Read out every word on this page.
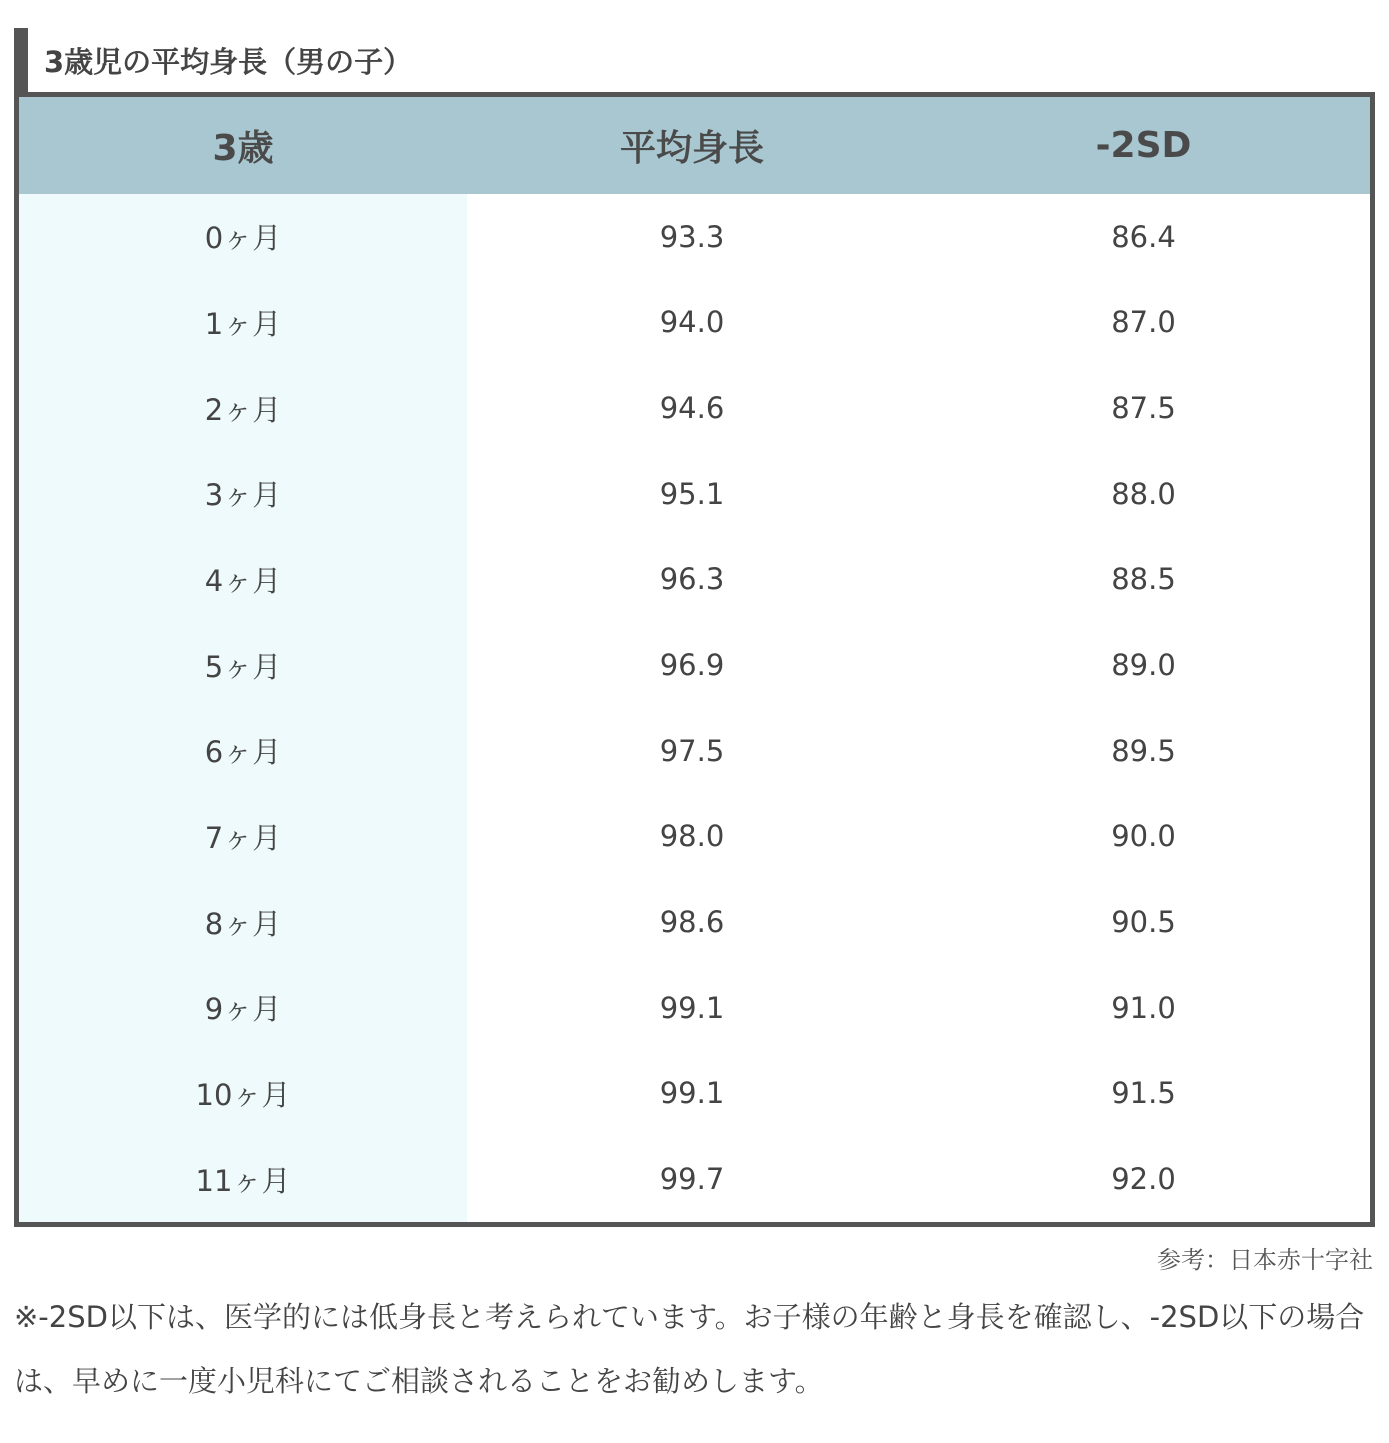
3歳児の平均身長（男の子）
3歳	平均身長	-2SD
0ヶ月	93.3	86.4
1ヶ月	94.0	87.0
2ヶ月	94.6	87.5
3ヶ月	95.1	88.0
4ヶ月	96.3	88.5
5ヶ月	96.9	89.0
6ヶ月	97.5	89.5
7ヶ月	98.0	90.0
8ヶ月	98.6	90.5
9ヶ月	99.1	91.0
10ヶ月	99.1	91.5
11ヶ月	99.7	92.0
参考：日本赤十字社
※-2SD以下は、医学的には低身長と考えられています。お子様の年齢と身長を確認し、-2SD以下の場合は、早めに一度小児科にてご相談されることをお勧めします。
